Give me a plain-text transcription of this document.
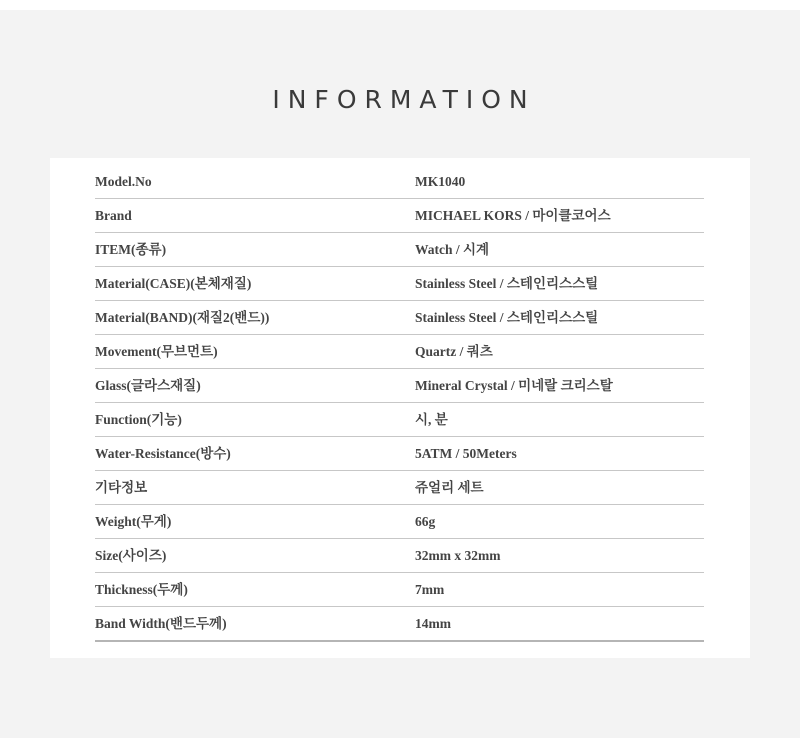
INFORMATION
Model.No	MK1040
Brand	MICHAEL KORS / 마이클코어스
ITEM(종류)	Watch / 시계
Material(CASE)(본체재질)	Stainless Steel / 스테인리스스틸
Material(BAND)(재질2(밴드))	Stainless Steel / 스테인리스스틸
Movement(무브먼트)	Quartz / 쿼츠
Glass(글라스재질)	Mineral Crystal / 미네랄 크리스탈
Function(기능)	시, 분
Water-Resistance(방수)	5ATM / 50Meters
기타정보	쥬얼리 세트
Weight(무게)	66g
Size(사이즈)	32mm x 32mm
Thickness(두께)	7mm
Band Width(밴드두께)	14mm
